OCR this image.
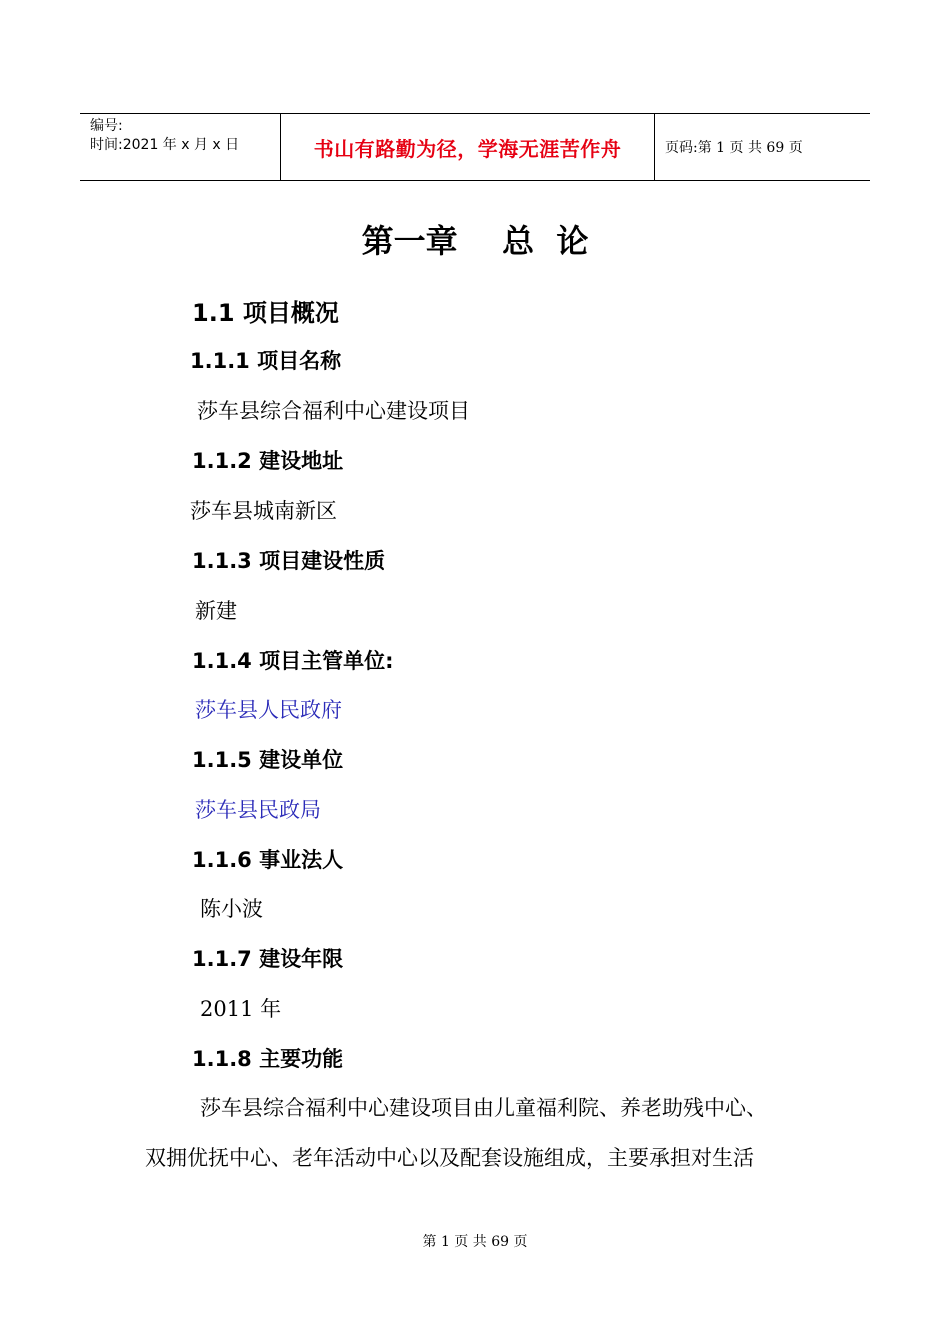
编号:
时间:2021 年 x 月 x 日	书山有路勤为径，学海无涯苦作舟	页码:第 1 页 共 69 页
第一章    总  论
1.1 项目概况
1.1.1 项目名称
莎车县综合福利中心建设项目
1.1.2 建设地址
莎车县城南新区
1.1.3 项目建设性质
新建
1.1.4 项目主管单位:
莎车县人民政府
1.1.5 建设单位
莎车县民政局
1.1.6 事业法人
陈小波
1.1.7 建设年限
2011 年
1.1.8 主要功能
莎车县综合福利中心建设项目由儿童福利院、养老助残中心、
双拥优抚中心、老年活动中心以及配套设施组成，主要承担对生活
第 1 页 共 69 页
